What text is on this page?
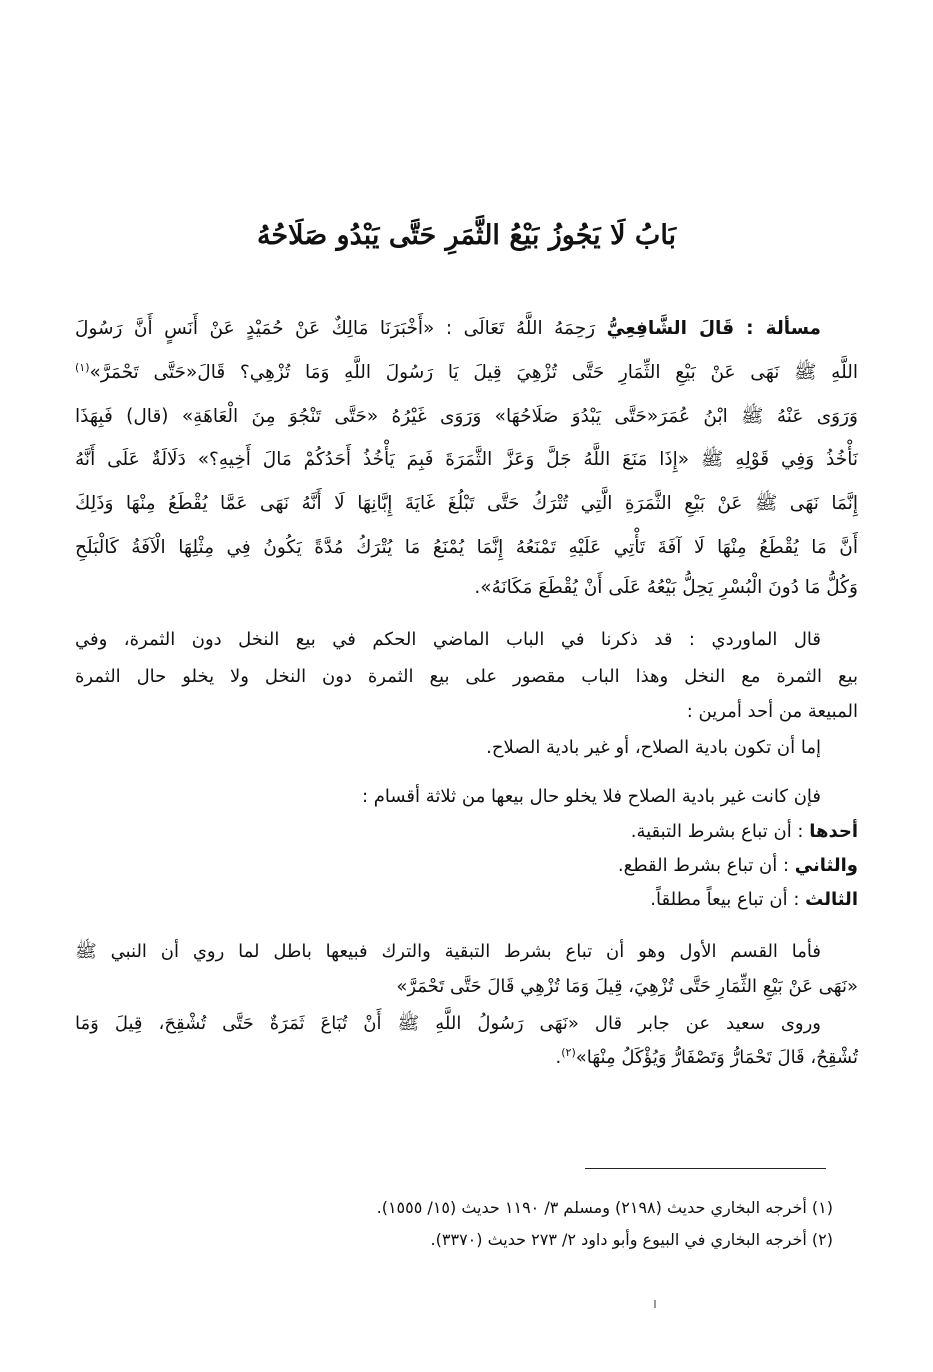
بَابُ لَا يَجُوزُ بَيْعُ الثَّمَرِ حَتَّى يَبْدُو صَلَاحُهُ
مسألة : قَالَ الشَّافِعِيُّ رَحِمَهُ اللَّهُ تَعَالَى : «أَخْبَرَنَا مَالِكٌ عَنْ حُمَيْدٍ عَنْ أَنَسٍ أَنَّ رَسُولَ
اللَّهِ ﷺ نَهَى عَنْ بَيْعِ الثِّمَارِ حَتَّى تُزْهِيَ قِيلَ يَا رَسُولَ اللَّهِ وَمَا تُزْهِي؟ قَالَ«حَتَّى تَحْمَرَّ»$^{(١)}$
وَرَوَى عَنْهُ ﷺ ابْنُ عُمَرَ«حَتَّى يَبْدُوَ صَلَاحُهَا» وَرَوَى غَيْرُهُ «حَتَّى تَنْجُوَ مِنَ الْعَاهَةِ» (قال) فَبِهَذَا
نَأْخُذُ وَفِي قَوْلِهِ ﷺ «إِذَا مَنَعَ اللَّهُ جَلَّ وَعَزَّ الثَّمَرَةَ فَبِمَ يَأْخُذُ أَحَدُكُمْ مَالَ أَخِيهِ؟» دَلَالَةٌ عَلَى أَنَّهُ
إِنَّمَا نَهَى ﷺ عَنْ بَيْعِ الثَّمَرَةِ الَّتِي تُتْرَكُ حَتَّى تَبْلُغَ غَايَةَ إِبَّانِهَا لَا أَنَّهُ نَهَى عَمَّا يُقْطَعُ مِنْهَا وَذَلِكَ
أَنَّ مَا يُقْطَعُ مِنْهَا لَا آفَةَ تَأْتِي عَلَيْهِ تَمْنَعُهُ إِنَّمَا يُمْنَعُ مَا يُتْرَكُ مُدَّةً يَكُونُ فِي مِثْلِهَا الْآفَةُ كَالْبَلَحِ
وَكُلُّ مَا دُونَ الْبُسْرِ يَحِلُّ بَيْعُهُ عَلَى أَنْ يُقْطَعَ مَكَانَهُ».
قال الماوردي : قد ذكرنا في الباب الماضي الحكم في بيع النخل دون الثمرة، وفي
بيع الثمرة مع النخل وهذا الباب مقصور على بيع الثمرة دون النخل ولا يخلو حال الثمرة
المبيعة من أحد أمرين :
إما أن تكون بادية الصلاح، أو غير بادية الصلاح.
فإن كانت غير بادية الصلاح فلا يخلو حال بيعها من ثلاثة أقسام :
أحدها : أن تباع بشرط التبقية.
والثاني : أن تباع بشرط القطع.
الثالث : أن تباع بيعاً مطلقاً.
فأما القسم الأول وهو أن تباع بشرط التبقية والترك فبيعها باطل لما روي أن النبي ﷺ
«نَهَى عَنْ بَيْعِ الثِّمَارِ حَتَّى تُزْهِيَ، قِيلَ وَمَا تُزْهِي قَالَ حَتَّى تَحْمَرَّ»
وروى سعيد عن جابر قال «نَهَى رَسُولُ اللَّهِ ﷺ أَنْ تُبَاعَ ثَمَرَةٌ حَتَّى تُشْقِحَ، قِيلَ وَمَا
تُشْقِحُ، قَالَ تَحْمَارُّ وَتَصْفَارُّ وَيُؤْكَلُ مِنْهَا»$^{(٢)}$.
(١) أخرجه البخاري حديث (٢١٩٨) ومسلم ٣/ ١١٩٠ حديث (١٥/ ١٥٥٥).
(٢) أخرجه البخاري في البيوع وأبو داود ٢/ ٢٧٣ حديث (٣٣٧٠).
